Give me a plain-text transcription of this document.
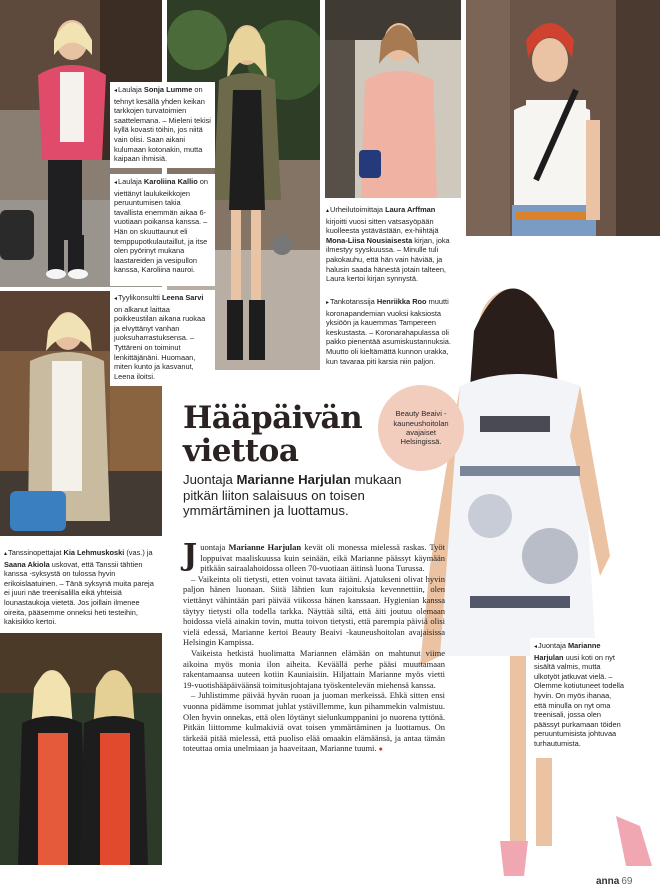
◂Laulaja Sonja Lumme on tehnyt kesällä yhden keikan tarkkojen turvatoimien saattelemana. – Mieleni tekisi kyllä kovasti töihin, jos niitä vain olisi. Saan aikani kulumaan kotonakin, mutta kaipaan ihmisiä.

◂Laulaja Karoliina Kallio on viettänyt laulukeikkojen peruuntumisen takia tavallista enemmän aikaa 6-vuotiaan poikansa kanssa. – Hän on skuuttaunut eli temppupotkulautaillut, ja itse olen pyörinyt mukana laastareiden ja vesipullon kanssa, Karoliina nauroi.

◂Tyylikonsultti Leena Sarvi on alkanut laittaa poikkeustilan aikana ruokaa ja elvyttänyt vanhan juoksuharrastuksensa. – Tyttäreni on toiminut lenkittäjänäni. Huomaan, miten kunto ja kasvanut, Leena iloitsi.

▴Urheilutoimittaja Laura Arffman kirjoitti vuosi sitten vatsasyöpään kuolleesta ystävästään, ex-hiihtäjä Mona-Liisa Nousiaisesta kirjan, joka ilmestyy syyskuussa. – Minulle tuli pakokauhu, että hän vain häviää, ja halusin saada hänestä jotain talteen, Laura kertoi kirjan synnystä.

▸Tankotanssija Henriikka Roo muutti koronapandemian vuoksi kaksiosta yksiöön ja kauemmas Tampereen keskustasta. – Koronarahapulassa oli pakko pienentää asumiskustannuksia. Muutto oli kieltämättä kunnon urakka, kun tavaraa piti karsia niin paljon.

▴Tanssinopettajat Kia Lehmuskoski (vas.) ja Saana Akiola uskovat, että Tanssii tähtien kanssa -syksystä on tulossa hyvin erikoislaatuinen. – Tänä syksynä muita pareja ei juuri näe treenisalilla eikä yhteisiä lounastaukoja vietetä. Jos joillain ilmenee oireita, pääsemme onneksi heti testeihin, kakisikko kertoi.

◂Juontaja Marianne Harjulan uusi koti on nyt sisältä valmis, mutta ulkotyöt jatkuvat vielä. – Olemme kotiutuneet todella hyvin. On myös ihanaa, että minulla on nyt oma treenisali, jossa olen päässyt purkamaan töiden peruuntumisista johtuvaa turhautumista.

Beauty Beaivi -kauneushoitolan avajaiset Helsingissä.
Hääpäivän viettoa

Juontaja Marianne Harjulan mukaan pitkän liiton salaisuus on toisen ymmärtäminen ja luottamus.

Juontaja Marianne Harjulan kevät oli monessa mielessä raskas. Työt loppuivat maaliskuussa kuin seinään, eikä Marianne päässyt käymään pitkään sairaalahoidossa olleen 70-vuotiaan äitinsä luona Turussa.

– Vaikeinta oli tietysti, etten voinut tavata äitiäni. Ajatukseni olivat hyvin paljon hänen luonaan. Siitä lähtien kun rajoituksia kevennettiin, olen viettänyt vähintään pari päivää viikossa hänen kanssaan. Hygienian kanssa täytyy tietysti olla todella tarkka. Näyttää siltä, että äiti joutuu olemaan hoidossa vielä ainakin tovin, mutta toivon tietysti, että parempia päiviä olisi vielä edessä, Marianne kertoi Beauty Beaivi -kauneushoitolan avajaisissa Helsingin Kampissa.

Vaikeista hetkistä huolimatta Mariannen elämään on mahtunut viime aikoina myös monia ilon aiheita. Keväällä perhe pääsi muuttamaan rakentamaansa uuteen kotiin Kauniaisiin. Hiljattain Marianne myös vietti 19-vuotishääpäiväänsä toimitusjohtajana työskentelevän miehensä kanssa.

– Juhlistimme päivää hyvän ruoan ja juoman merkeissä. Ehkä sitten ensi vuonna pidämme isommat juhlat ystävillemme, kun pihammekin valmistuu. Olen hyvin onnekas, että olen löytänyt sielunkumppanini jo nuorena tyttönä. Pitkän liittomme kulmakiviä ovat toisen ymmärtäminen ja luottamus. On tärkeää pitää mielessä, että puoliso elää omaakin elämäänsä, ja antaa tämän toteuttaa omia unelmiaan ja haaveitaan, Marianne tuumi. ●

anna 69
